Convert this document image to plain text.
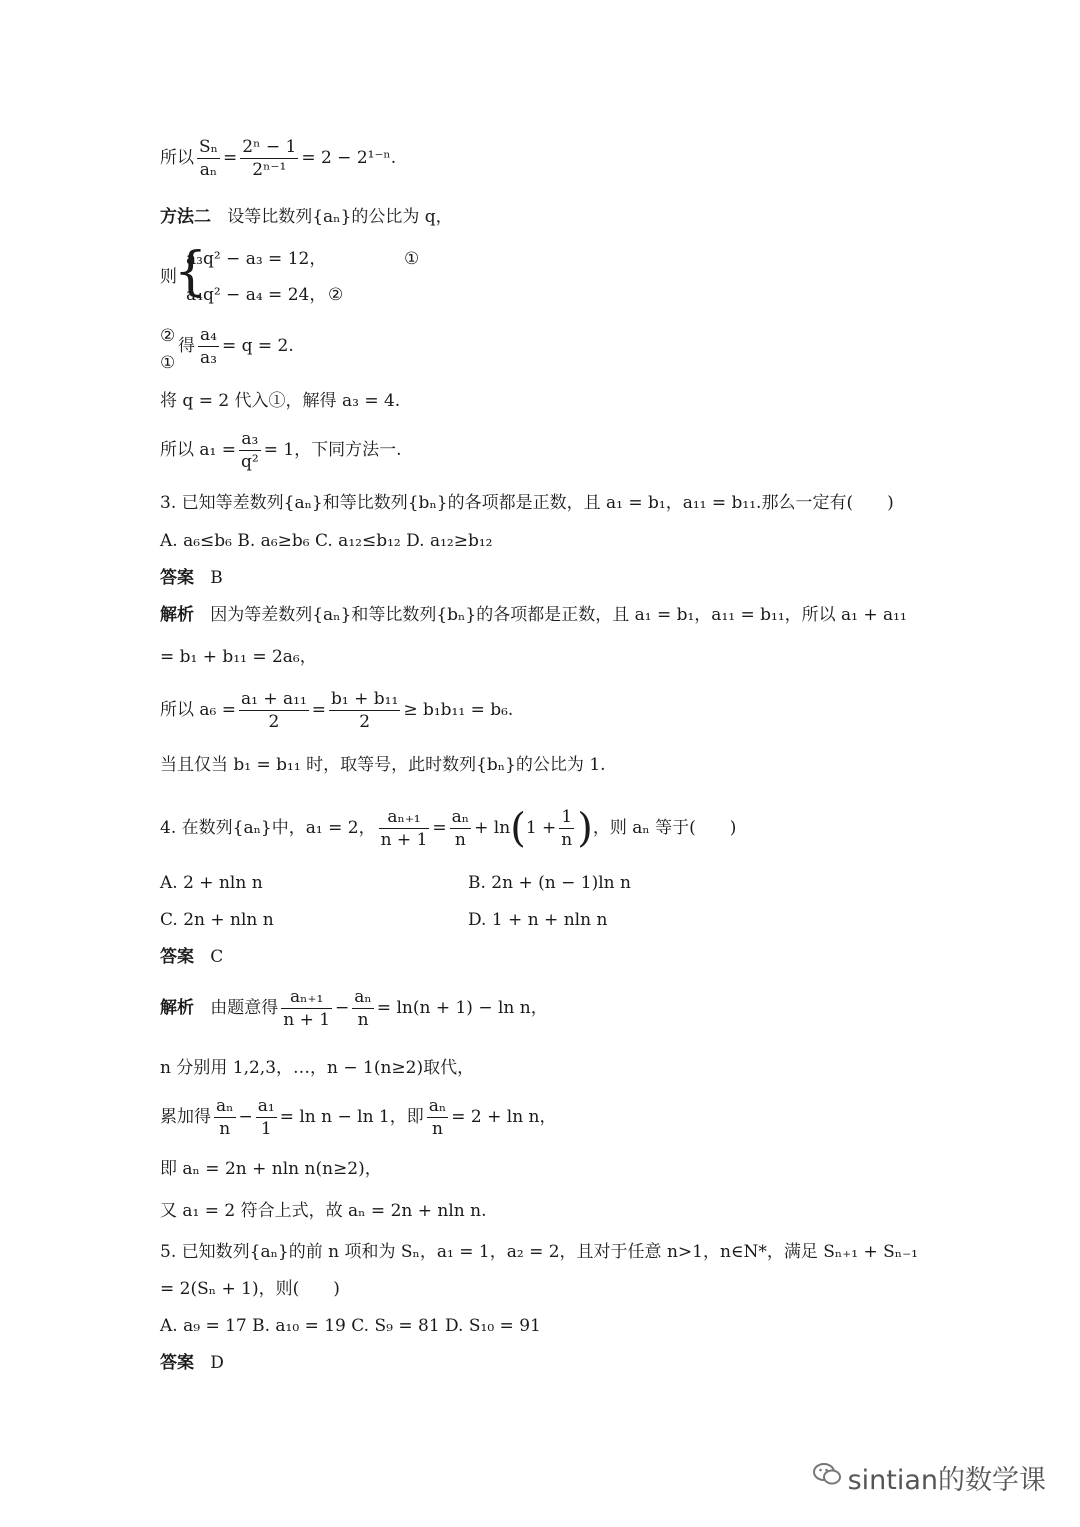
所以 $\frac{\text{Sₙ}}{\text{aₙ}} = \frac{\text{2ⁿ − 1}}{\text{2ⁿ⁻¹}} = 2 - 2^{1-n}$.
方法二 设等比数列{aₙ}的公比为 q，
则
{
a₃q² − a₃ = 12，	①
a₄q² − a₄ = 24， ②
②
①
得 $\frac{\text{a₄}}{\text{a₃}} = q = 2$.
将 q = 2 代入①，解得 a₃ = 4.
所以 $a_1 = \frac{\text{a₃}}{\text{q²}} = 1$，下同方法一.
3. 已知等差数列{aₙ}和等比数列{bₙ}的各项都是正数，且 a₁ = b₁，a₁₁ = b₁₁.那么一定有(　　)
A. a₆≤b₆ B. a₆≥b₆ C. a₁₂≤b₁₂ D. a₁₂≥b₁₂
答案 B
解析 因为等差数列{aₙ}和等比数列{bₙ}的各项都是正数，且 a₁ = b₁，a₁₁ = b₁₁，所以 a₁ + a₁₁
= b₁ + b₁₁ = 2a₆，
所以 $a_6 = \frac{\text{a₁ + a₁₁}}{2} = \frac{\text{b₁ + b₁₁}}{2} \ge b_1b_{11} = b_6$.
当且仅当 b₁ = b₁₁ 时，取等号，此时数列{bₙ}的公比为 1.
4. 在数列{aₙ}中，a₁ = 2， $\frac{\text{aₙ₊₁}}{n + 1} = \frac{\text{aₙ}}{n} + \ln(1 + \frac{1}{n}$ )，则 aₙ 等于(　　)
A. 2 + nln n	B. 2n + (n − 1)ln n
C. 2n + nln n	D. 1 + n + nln n
答案 C
解析 由题意得 $\frac{\text{aₙ₊₁}}{n + 1} - \frac{\text{aₙ}}{n} = \ln(n + 1) - \ln n$，
n 分别用 1,2,3，…，n − 1(n≥2)取代，
累加得 $\frac{\text{aₙ}}{n} - \frac{\text{a₁}}{1} = \ln n - \ln 1$，即 $\frac{\text{aₙ}}{n} = 2 + \ln n$，
即 aₙ = 2n + nln n(n≥2)，
又 a₁ = 2 符合上式，故 aₙ = 2n + nln n.
5. 已知数列{aₙ}的前 n 项和为 Sₙ，a₁ = 1，a₂ = 2，且对于任意 n>1，n∈N*，满足 Sₙ₊₁ + Sₙ₋₁
= 2(Sₙ + 1)，则(　　)
A. a₉ = 17 B. a₁₀ = 19 C. S₉ = 81 D. S₁₀ = 91
答案 D
sintian的数学课
